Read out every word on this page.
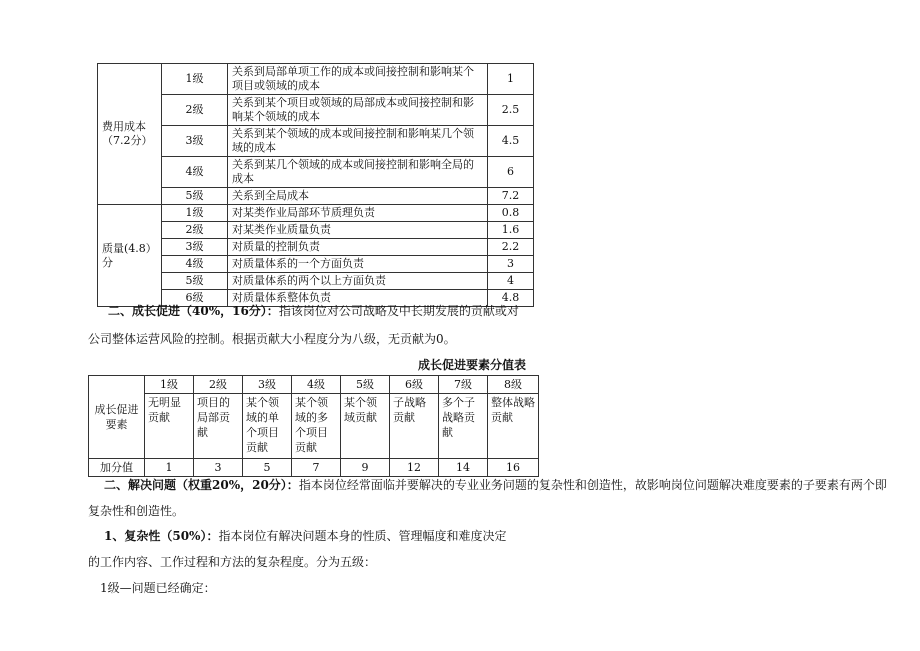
费用成本（7.2分）	1级	关系到局部单项工作的成本或间接控制和影响某个项目或领域的成本	1
	2级	关系到某个项目或领域的局部成本或间接控制和影响某个领域的成本	2.5
	3级	关系到某个领域的成本或间接控制和影响某几个领域的成本	4.5
	4级	关系到某几个领域的成本或间接控制和影响全局的成本	6
	5级	关系到全局成本	7.2
质量(4.8）分	1级	对某类作业局部环节质理负责	0.8
	2级	对某类作业质量负责	1.6
	3级	对质量的控制负责	2.2
	4级	对质量体系的一个方面负责	3
	5级	对质量体系的两个以上方面负责	4
	6级	对质量体系整体负责	4.8
二、成长促进（40%，16分）：指该岗位对公司战略及中长期发展的贡献或对
公司整体运营风险的控制。根据贡献大小程度分为八级，无贡献为0。
成长促进要素分值表
成长促进要素	1级	2级	3级	4级	5级	6级	7级	8级
	无明显贡献	项目的局部贡献	某个领域的单个项目贡献	某个领域的多个项目贡献	某个领域贡献	子战略贡献	多个子战略贡献	整体战略贡献
加分值	1	3	5	7	9	12	14	16
二、解决问题（权重20%，20分）：指本岗位经常面临并要解决的专业业务问题的复杂性和创造性，故影响岗位问题解决难度要素的子要素有两个即
复杂性和创造性。
1、复杂性（50%）：指本岗位有解决问题本身的性质、管理幅度和难度决定
的工作内容、工作过程和方法的复杂程度。分为五级：
1级—问题已经确定：
